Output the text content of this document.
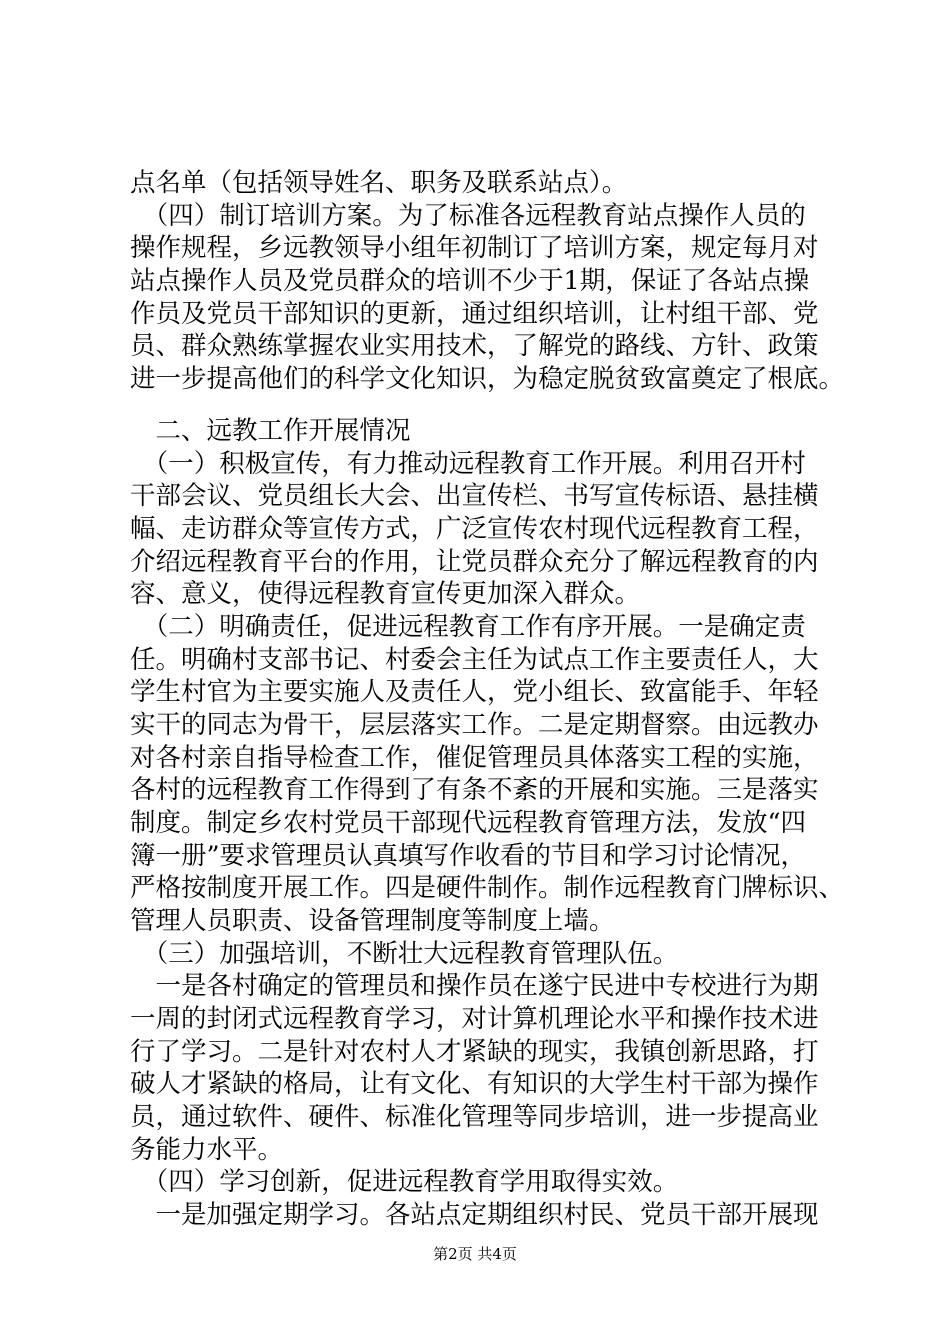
点名单（包括领导姓名、职务及联系站点）。
　（四）制订培训方案。为了标准各远程教育站点操作人员的
操作规程，乡远教领导小组年初制订了培训方案，规定每月对
站点操作人员及党员群众的培训不少于1期，保证了各站点操
作员及党员干部知识的更新，通过组织培训，让村组干部、党
员、群众熟练掌握农业实用技术，了解党的路线、方针、政策
进一步提高他们的科学文化知识，为稳定脱贫致富奠定了根底。
　二、远教工作开展情况
　（一）积极宣传，有力推动远程教育工作开展。利用召开村
干部会议、党员组长大会、出宣传栏、书写宣传标语、悬挂横
幅、走访群众等宣传方式，广泛宣传农村现代远程教育工程，
介绍远程教育平台的作用，让党员群众充分了解远程教育的内
容、意义，使得远程教育宣传更加深入群众。
　（二）明确责任，促进远程教育工作有序开展。一是确定责
任。明确村支部书记、村委会主任为试点工作主要责任人，大
学生村官为主要实施人及责任人，党小组长、致富能手、年轻
实干的同志为骨干，层层落实工作。二是定期督察。由远教办
对各村亲自指导检查工作，催促管理员具体落实工程的实施，
各村的远程教育工作得到了有条不紊的开展和实施。三是落实
制度。制定乡农村党员干部现代远程教育管理方法，发放“四
簿一册”要求管理员认真填写作收看的节目和学习讨论情况，
严格按制度开展工作。四是硬件制作。制作远程教育门牌标识、
管理人员职责、设备管理制度等制度上墙。
　（三）加强培训，不断壮大远程教育管理队伍。
　一是各村确定的管理员和操作员在遂宁民进中专校进行为期
一周的封闭式远程教育学习，对计算机理论水平和操作技术进
行了学习。二是针对农村人才紧缺的现实，我镇创新思路，打
破人才紧缺的格局，让有文化、有知识的大学生村干部为操作
员，通过软件、硬件、标准化管理等同步培训，进一步提高业
务能力水平。
　（四）学习创新，促进远程教育学用取得实效。
　一是加强定期学习。各站点定期组织村民、党员干部开展现
第2页 共4页
